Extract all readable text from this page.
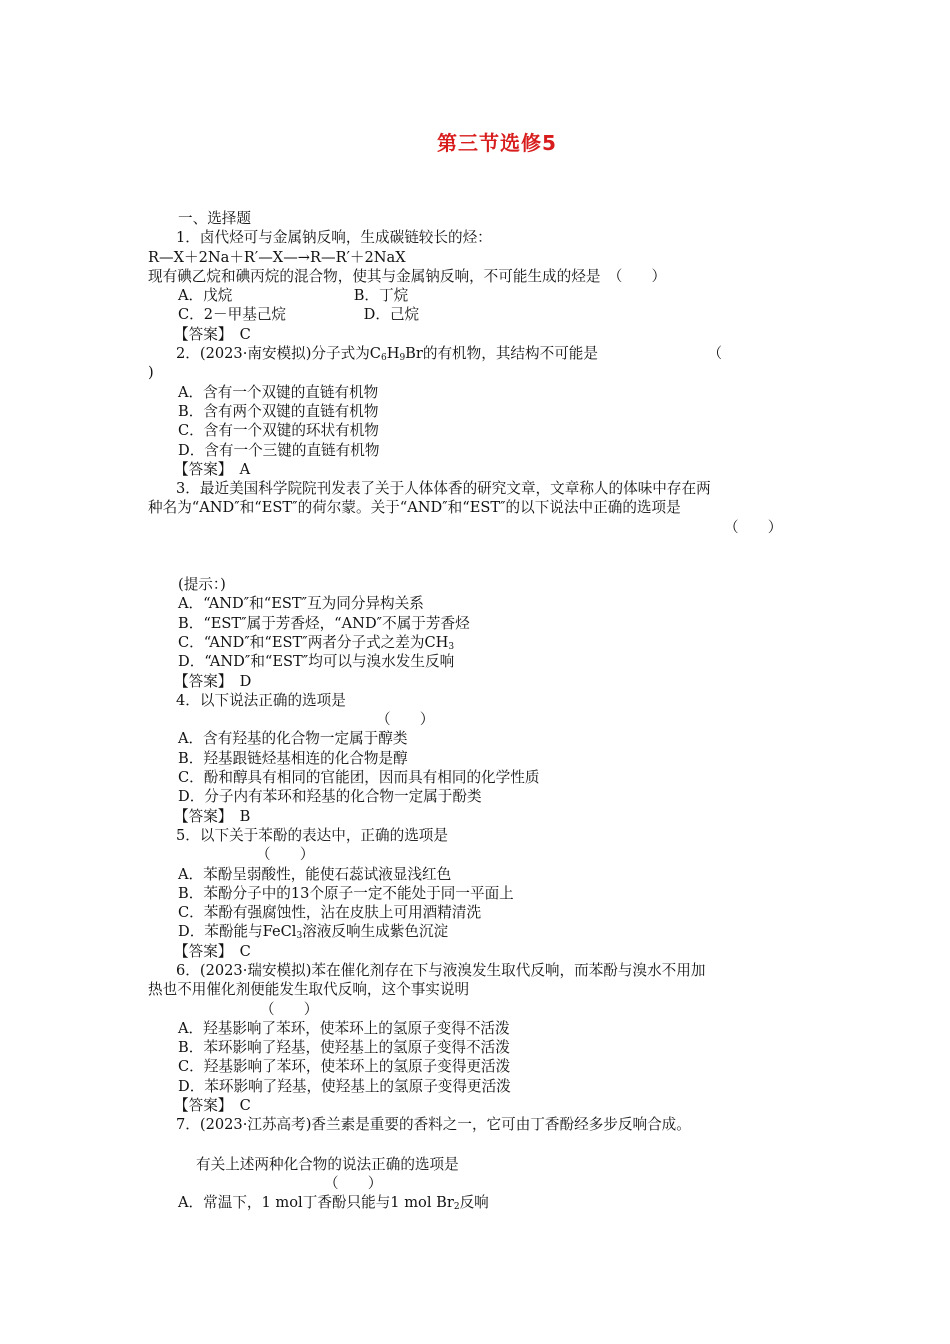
第三节选修5
一、选择题
1．卤代烃可与金属钠反响，生成碳链较长的烃：
R—X＋2Na＋R′—X—→R—R′＋2NaX
现有碘乙烷和碘丙烷的混合物，使其与金属钠反响，不可能生成的烃是　（　　）
A．戊烷　　　　　　　　 B．丁烷
C．2－甲基己烷　　　　　 D．己烷
【答案】　C
2．(2023·南安模拟)分子式为$C_6H_9Br$的有机物，其结构不可能是　　　　　　　　（
)
A．含有一个双键的直链有机物
B．含有两个双键的直链有机物
C．含有一个双键的环状有机物
D．含有一个三键的直链有机物
【答案】　A
3．最近美国科学院院刊发表了关于人体体香的研究文章，文章称人的体味中存在两
种名为“AND″和“EST″的荷尔蒙。关于“AND″和“EST″的以下说法中正确的选项是
（　　）
(提示：)
A．“AND″和“EST″互为同分异构关系
B．“EST″属于芳香烃，“AND″不属于芳香烃
C．“AND″和“EST″两者分子式之差为$CH_3$
D．“AND″和“EST″均可以与溴水发生反响
【答案】　D
4．以下说法正确的选项是
（　　）
A．含有羟基的化合物一定属于醇类
B．羟基跟链烃基相连的化合物是醇
C．酚和醇具有相同的官能团，因而具有相同的化学性质
D．分子内有苯环和羟基的化合物一定属于酚类
【答案】　B
5．以下关于苯酚的表达中，正确的选项是
（　　）
A．苯酚呈弱酸性，能使石蕊试液显浅红色
B．苯酚分子中的13个原子一定不能处于同一平面上
C．苯酚有强腐蚀性，沾在皮肤上可用酒精清洗
D．苯酚能与FeCl$_3$溶液反响生成紫色沉淀
【答案】　C
6．(2023·瑞安模拟)苯在催化剂存在下与液溴发生取代反响，而苯酚与溴水不用加
热也不用催化剂便能发生取代反响，这个事实说明
（　　）
A．羟基影响了苯环，使苯环上的氢原子变得不活泼
B．苯环影响了羟基，使羟基上的氢原子变得不活泼
C．羟基影响了苯环，使苯环上的氢原子变得更活泼
D．苯环影响了羟基，使羟基上的氢原子变得更活泼
【答案】　C
7．(2023·江苏高考)香兰素是重要的香料之一，它可由丁香酚经多步反响合成。
有关上述两种化合物的说法正确的选项是
（　　）
A．常温下，1 mol丁香酚只能与1 mol $Br_2$反响
